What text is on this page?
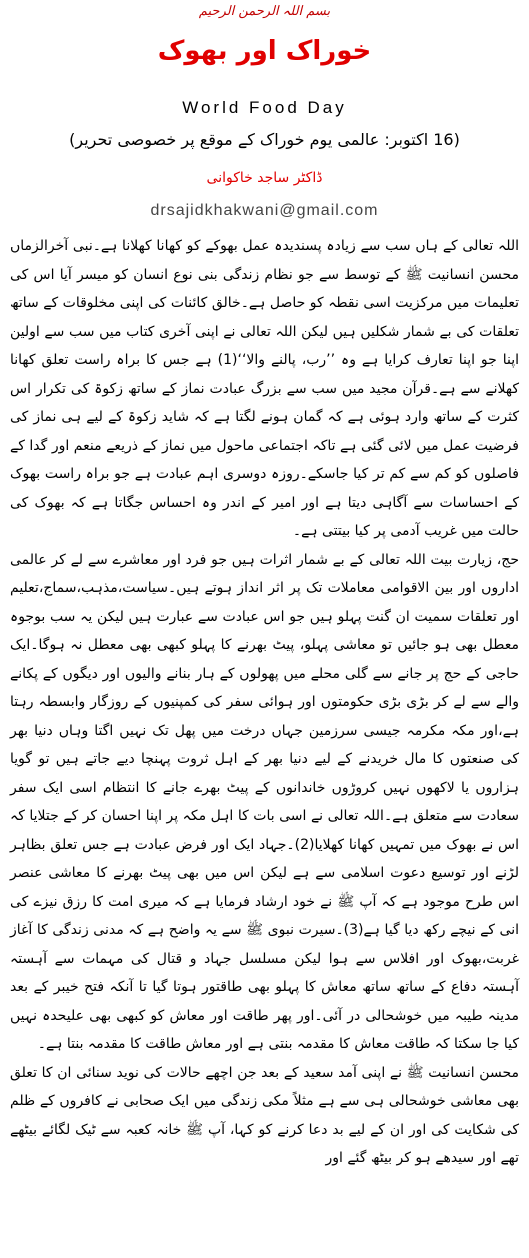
بسم اللہ الرحمن الرحیم
خوراک اور بھوک
World Food Day
(16 اکتوبر: عالمی یوم خوراک کے موقع پر خصوصی تحریر)
ڈاکٹر ساجد خاکوانی
drsajidkhakwani@gmail.com

اللہ تعالی کے ہاں سب سے زیادہ پسندیدہ عمل بھوکے کو کھانا کھلانا ہے۔نبی آخرالزماں محسن انسانیت ﷺ کے توسط سے جو نظام زندگی بنی نوع انسان کو میسر آیا اس کی تعلیمات میں مرکزیت اسی نقطہ کو حاصل ہے۔خالق کائنات کی اپنی مخلوقات کے ساتھ تعلقات کی بے شمار شکلیں ہیں لیکن اللہ تعالی نے اپنی آخری کتاب میں سب سے اولین اپنا جو اپنا تعارف کرایا ہے وہ ’’رب، پالنے والا‘‘(1) ہے جس کا براہ راست تعلق کھانا کھلانے سے ہے۔قرآن مجید میں سب سے بزرگ عبادت نماز کے ساتھ زکوۃ کی تکرار اس کثرت کے ساتھ وارد ہوئی ہے کہ گمان ہونے لگتا ہے کہ شاید زکوۃ کے لیے ہی نماز کی فرضیت عمل میں لائی گئی ہے تاکہ اجتماعی ماحول میں نماز کے ذریعے منعم اور گدا کے فاصلوں کو کم سے کم تر کیا جاسکے۔روزہ دوسری اہم عبادت ہے جو براہ راست بھوک کے احساسات سے آگاہی دیتا ہے اور امیر کے اندر وہ احساس جگاتا ہے کہ بھوک کی حالت میں غریب آدمی پر کیا بیتتی ہے۔

حج، زیارت بیت اللہ تعالی کے بے شمار اثرات ہیں جو فرد اور معاشرے سے لے کر عالمی اداروں اور بین الاقوامی معاملات تک پر اثر انداز ہوتے ہیں۔سیاست،مذہب،سماج،تعلیم اور تعلقات سمیت ان گنت پہلو ہیں جو اس عبادت سے عبارت ہیں لیکن یہ سب بوجوہ معطل بھی ہو جائیں تو معاشی پہلو، پیٹ بھرنے کا پہلو کبھی بھی معطل نہ ہوگا۔ایک حاجی کے حج پر جانے سے گلی محلے میں پھولوں کے ہار بنانے والیوں اور دیگوں کے پکانے والے سے لے کر بڑی بڑی حکومتوں اور ہوائی سفر کی کمپنیوں کے روزگار وابسطہ رہتا ہے،اور مکہ مکرمہ جیسی سرزمین جہاں درخت میں پھل تک نہیں اگتا وہاں دنیا بھر کی صنعتوں کا مال خریدنے کے لیے دنیا بھر کے اہل ثروت پہنچا دیے جاتے ہیں تو گویا ہزاروں یا لاکھوں نہیں کروڑوں خاندانوں کے پیٹ بھرے جانے کا انتظام اسی ایک سفر سعادت سے متعلق ہے۔اللہ تعالی نے اسی بات کا اہل مکہ پر اپنا احسان کر کے جتلایا کہ اس نے بھوک میں تمہیں کھانا کھلایا(2)۔جہاد ایک اور فرض عبادت ہے جس تعلق بظاہر لڑنے اور توسیع دعوت اسلامی سے ہے لیکن اس میں بھی پیٹ بھرنے کا معاشی عنصر اس طرح موجود ہے کہ آپ ﷺ نے خود ارشاد فرمایا ہے کہ میری امت کا رزق نیزے کی انی کے نیچے رکھ دیا گیا ہے(3)۔سیرت نبوی ﷺ سے یہ واضح ہے کہ مدنی زندگی کا آغاز غربت،بھوک اور افلاس سے ہوا لیکن مسلسل جہاد و قتال کی مہمات سے آہستہ آہستہ دفاع کے ساتھ ساتھ معاش کا پہلو بھی طاقتور ہوتا گیا تا آنکہ فتح خیبر کے بعد مدینہ طیبہ میں خوشحالی در آئی۔اور پھر طاقت اور معاش کو کبھی بھی علیحدہ نہیں کیا جا سکتا کہ طاقت معاش کا مقدمہ بنتی ہے اور معاش طاقت کا مقدمہ بنتا ہے۔

محسن انسانیت ﷺ نے اپنی آمد سعید کے بعد جن اچھے حالات کی نوید سنائی ان کا تعلق بھی معاشی خوشحالی ہی سے ہے مثلاً مکی زندگی میں ایک صحابی نے کافروں کے ظلم کی شکایت کی اور ان کے لیے بد دعا کرنے کو کہا، آپ ﷺ خانہ کعبہ سے ٹیک لگائے بیٹھے تھے اور سیدھے ہو کر بیٹھ گئے اور
